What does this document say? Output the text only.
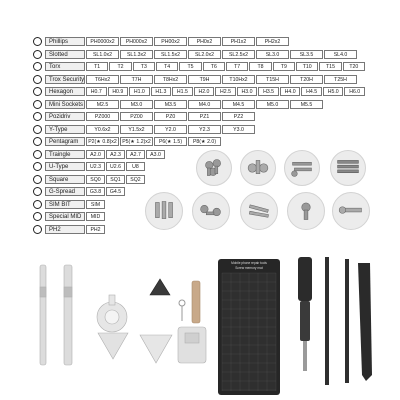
Phillips	PH0000x2	PH000x2	PH00x2	PH0x2	PH1x2	PH2x2
Slotted	SL1.0x2	SL1.3x2	SL1.5x2	SL2.0x2	SL2.5x2	SL3.0	SL3.5	SL4.0
Torx	T1	T2	T3	T4	T5	T6	T7	T8	T9	T10	T15	T20
Trox Security	T6Hx2	T7H	T8Hx2	T9H	T10Hx2	T15H	T20H	T25H
Hexagon	H0.7	H0.9	H1.0	H1.3	H1.5	H2.0	H2.5	H3.0	H3.5	H4.0	H4.5	H5.0	H6.0
Mini Sockets	M2.5	M3.0	M3.5	M4.0	M4.5	M5.0	M5.5
Pozidriv	PZ000	PZ00	PZ0	PZ1	PZ2
Y-Type	Y0.6x2	Y1.5x2	Y2.0	Y2.3	Y3.0
Pentagram	P2(★ 0.8)x2	P5(★ 1.2)x2	P6(★ 1.5)	P8(★ 2.0)
Traingle	A2.0	A2.3	A2.7	A3.0
U-Type	U2.3	U2.6	U8
Square	SQ0	SQ1	SQ2
G-Spread	G3.8	G4.5
SIM BIT	SIM
Special MID	MID
PH2	PH2
Mobile phone repair tools
Screw memory mat
